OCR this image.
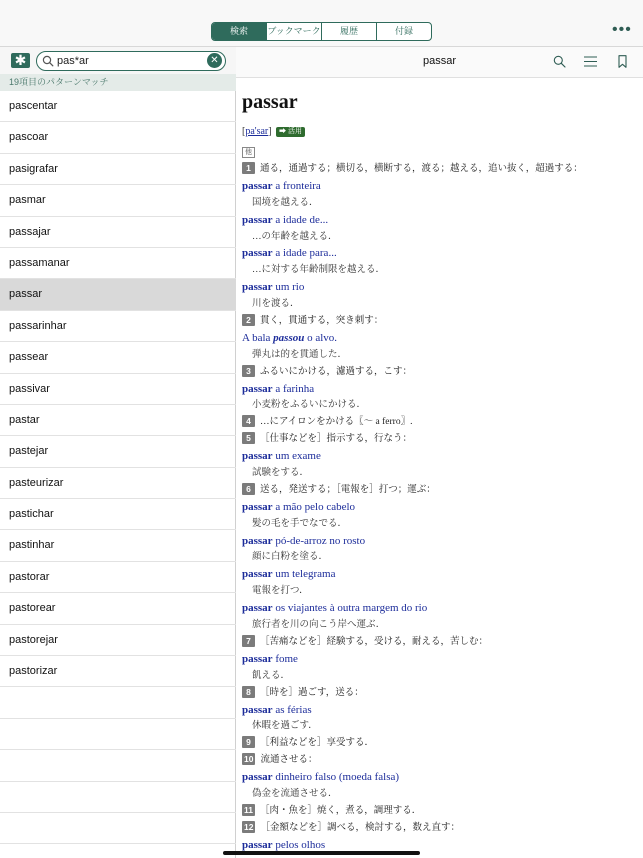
検索	ブックマーク	履歴	付録	•••
✱
pas*ar	✕
19項目のパターンマッチ
pascentar
pascoar
pasigrafar
pasmar
passajar
passamanar
passar
passarinhar
passear
passivar
pastar
pastejar
pasteurizar
pastichar
pastinhar
pastorar
pastorear
pastorejar
pastorizar
passar
passar
[pa'sar] ➡ 活用
他
1 通る，通過する；横切る，横断する，渡る；越える，追い抜く，超過する：
passar a fronteira
国境を越える．
passar a idade de...
…の年齢を越える．
passar a idade para...
…に対する年齢制限を越える．
passar um rio
川を渡る．
2 貫く，貫通する，突き刺す：
A bala passou o alvo.
弾丸は的を貫通した．
3 ふるいにかける，濾過する，こす：
passar a farinha
小麦粉をふるいにかける．
4 …にアイロンをかける〖～ a ferro〗.
5 ［仕事などを］指示する，行なう：
passar um exame
試験をする．
6 送る，発送する；［電報を］打つ；運ぶ：
passar a mão pelo cabelo
髪の毛を手でなでる．
passar pó-de-arroz no rosto
顔に白粉を塗る．
passar um telegrama
電報を打つ．
passar os viajantes à outra margem do rio
旅行者を川の向こう岸へ運ぶ．
7 ［苦痛などを］経験する，受ける，耐える，苦しむ：
passar fome
飢える．
8 ［時を］過ごす，送る：
passar as férias
休暇を過ごす．
9 ［利益などを］享受する．
10 流通させる：
passar dinheiro falso (moeda falsa)
偽金を流通させる．
11 ［肉・魚を］焼く，煮る，調理する．
12 ［金額などを］調べる，検討する，数え直す：
passar pelos olhos
